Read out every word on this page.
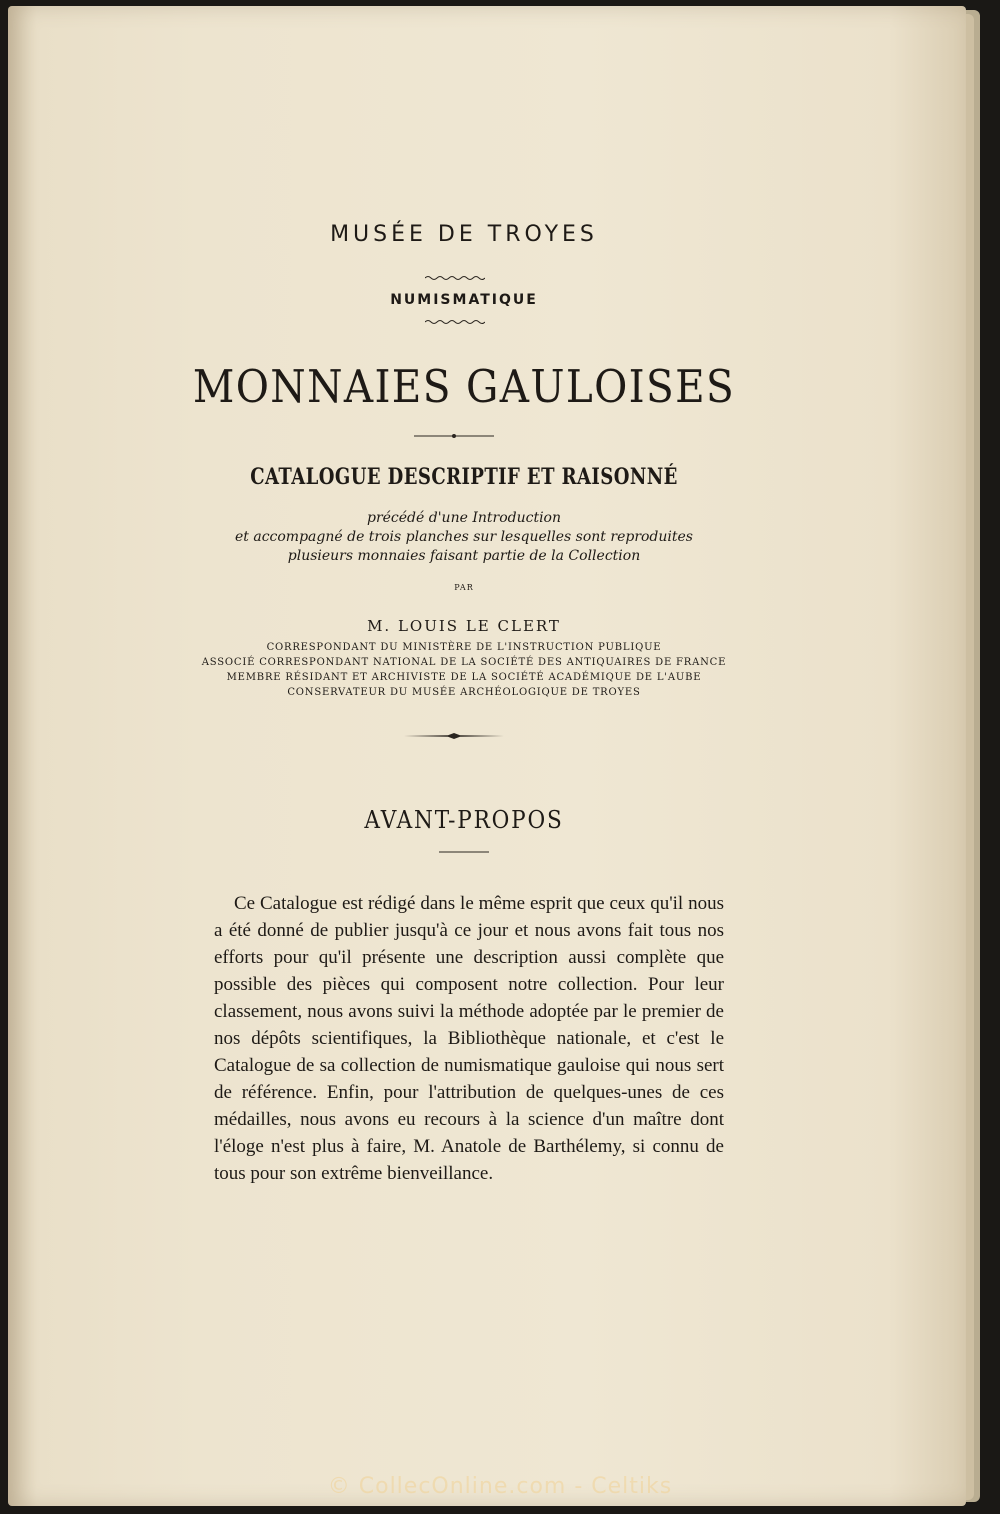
MUSÉE DE TROYES
NUMISMATIQUE
MONNAIES GAULOISES
CATALOGUE DESCRIPTIF ET RAISONNÉ
précédé d'une Introduction
et accompagné de trois planches sur lesquelles sont reproduites
plusieurs monnaies faisant partie de la Collection
PAR
M. LOUIS LE CLERT
CORRESPONDANT DU MINISTÈRE DE L'INSTRUCTION PUBLIQUE
ASSOCIÉ CORRESPONDANT NATIONAL DE LA SOCIÉTÉ DES ANTIQUAIRES DE FRANCE
MEMBRE RÉSIDANT ET ARCHIVISTE DE LA SOCIÉTÉ ACADÉMIQUE DE L'AUBE
CONSERVATEUR DU MUSÉE ARCHÉOLOGIQUE DE TROYES
AVANT-PROPOS
Ce Catalogue est rédigé dans le même esprit que ceux qu'il nous a été donné de publier jusqu'à ce jour et nous avons fait tous nos efforts pour qu'il présente une description aussi complète que possible des pièces qui composent notre collection. Pour leur classement, nous avons suivi la méthode adoptée par le premier de nos dépôts scientifiques, la Bibliothèque nationale, et c'est le Catalogue de sa collection de numismatique gauloise qui nous sert de référence. Enfin, pour l'attribution de quelques-unes de ces médailles, nous avons eu recours à la science d'un maître dont l'éloge n'est plus à faire, M. Anatole de Barthélemy, si connu de tous pour son extrême bienveillance.
© CollecOnline.com - Celtiks
